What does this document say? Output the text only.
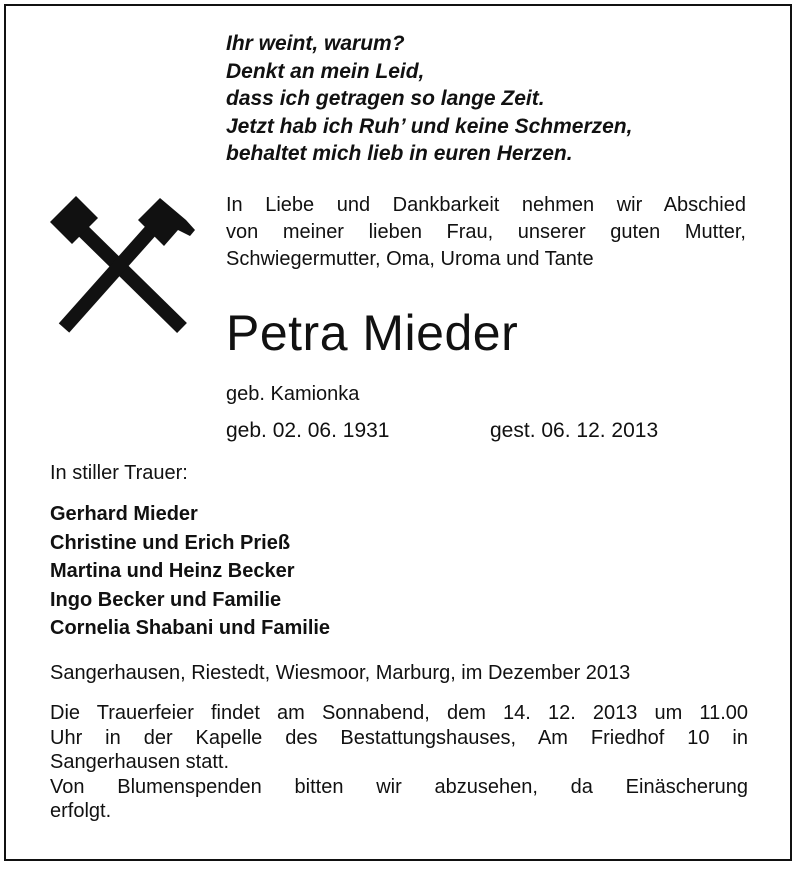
Ihr weint, warum?
Denkt an mein Leid,
dass ich getragen so lange Zeit.
Jetzt hab ich Ruh’ und keine Schmerzen,
behaltet mich lieb in euren Herzen.
In Liebe und Dankbarkeit nehmen wir Abschied
von meiner lieben Frau, unserer guten Mutter,
Schwiegermutter, Oma, Uroma und Tante
Petra Mieder
geb. Kamionka
geb. 02. 06. 1931	gest. 06. 12. 2013
In stiller Trauer:
Gerhard Mieder
Christine und Erich Prieß
Martina und Heinz Becker
Ingo Becker und Familie
Cornelia Shabani und Familie
Sangerhausen, Riestedt, Wiesmoor, Marburg, im Dezember 2013
Die Trauerfeier findet am Sonnabend, dem 14. 12. 2013 um 11.00
Uhr in der Kapelle des Bestattungshauses, Am Friedhof 10 in
Sangerhausen statt.
Von Blumenspenden bitten wir abzusehen, da Einäscherung
erfolgt.
